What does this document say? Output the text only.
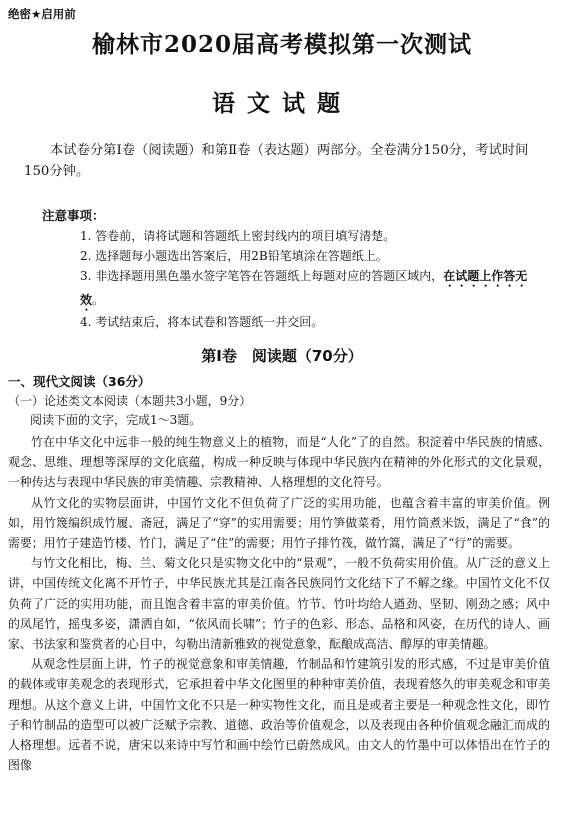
绝密★启用前
榆林市2020届高考模拟第一次测试
语文试题
本试卷分第Ⅰ卷（阅读题）和第Ⅱ卷（表达题）两部分。全卷满分150分，考试时间150分钟。
注意事项：
1. 答卷前，请将试题和答题纸上密封线内的项目填写清楚。
2. 选择题每小题选出答案后，用2B铅笔填涂在答题纸上。
3. 非选择题用黑色墨水签字笔答在答题纸上每题对应的答题区域内，在试题上作答无效。
4. 考试结束后，将本试卷和答题纸一并交回。
第Ⅰ卷　阅读题（70分）
一、现代文阅读（36分）
（一）论述类文本阅读（本题共3小题，9分）
阅读下面的文字，完成1～3题。

竹在中华文化中远非一般的纯生物意义上的植物，而是“人化”了的自然。积淀着中华民族的情感、观念、思维、理想等深厚的文化底蕴，构成一种反映与体现中华民族内在精神的外化形式的文化景观，一种传达与表现中华民族的审美情趣、宗教精神、人格理想的文化符号。

从竹文化的实物层面讲，中国竹文化不但负荷了广泛的实用功能，也蕴含着丰富的审美价值。例如，用竹篾编织成竹履、斋冠，满足了“穿”的实用需要；用竹笋做菜肴，用竹筒煮米饭，满足了“食”的需要；用竹子建造竹楼、竹门，满足了“住”的需要；用竹子排竹筏，做竹篙，满足了“行”的需要。

与竹文化相比，梅、兰、菊文化只是实物文化中的“景观”，一般不负荷实用价值。从广泛的意义上讲，中国传统文化离不开竹子，中华民族尤其是江南各民族同竹文化结下了不解之缘。中国竹文化不仅负荷了广泛的实用功能，而且饱含着丰富的审美价值。竹节、竹叶均给人遒劲、坚韧、刚劲之感；风中的凤尾竹，摇曳多姿，潇洒自如，“依风而长啸”；竹子的色彩、形态、品格和风姿，在历代的诗人、画家、书法家和鉴赏者的心目中，勾勒出清新雅致的视觉意象，酝酿成高洁、醇厚的审美情趣。

从观念性层面上讲，竹子的视觉意象和审美情趣，竹制品和竹建筑引发的形式感，不过是审美价值的载体或审美观念的表现形式，它承担着中华文化图里的种种审美价值，表现着悠久的审美观念和审美理想。从这个意义上讲，中国竹文化不只是一种实物性文化，而且是或者主要是一种观念性文化，即竹子和竹制品的造型可以被广泛赋予宗教、道德、政治等价值观念，以及表现由各种价值观念融汇而成的人格理想。远者不说，唐宋以来诗中写竹和画中绘竹已蔚然成风。由文人的竹墨中可以体悟出在竹子的图像
